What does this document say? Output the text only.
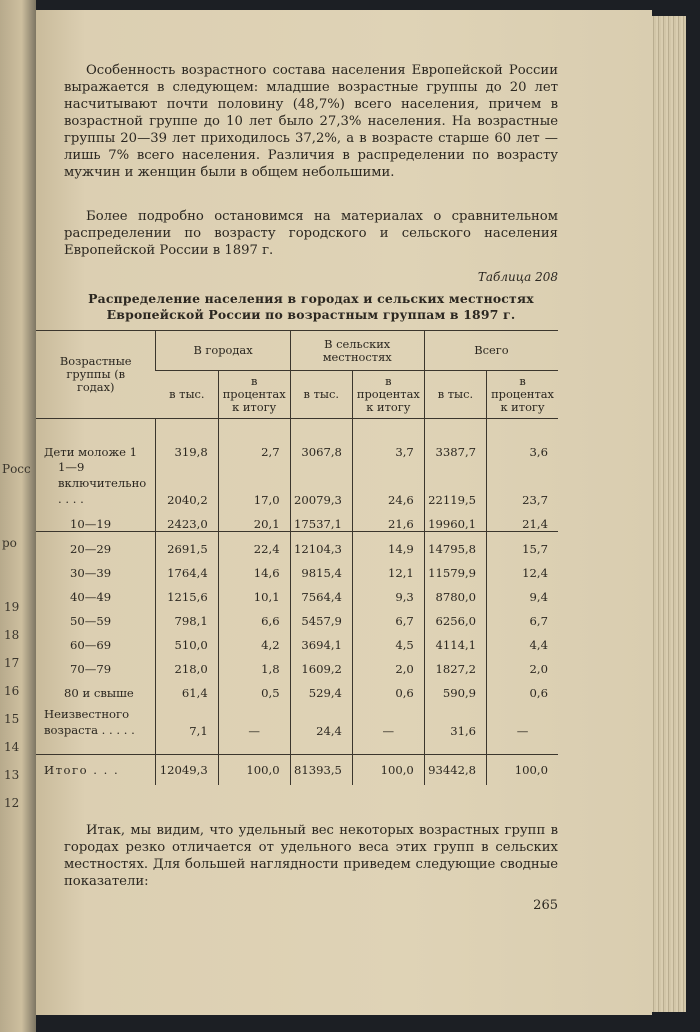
Росс
ро
19
18
17
16
15
14
13
12

Особенность возрастного состава населения Европейской России выражается в следующем: младшие возрастные группы до 20 лет насчитывают почти половину (48,7%) всего населения, причем в возрастной группе до 10 лет было 27,3% населения. На возрастные группы 20—39 лет приходилось 37,2%, а в возрасте старше 60 лет — лишь 7% всего населения. Различия в распределении по возрасту мужчин и женщин были в общем небольшими.

Более подробно остановимся на материалах о сравнительном распределении по возрасту городского и сельского населения Европейской России в 1897 г.

Таблица 208
Распределение населения в городах и сельских местностях
Европейской России по возрастным группам в 1897 г.
Возрастные группы (в годах)	В городах		В сельских местностях		Всего	
	в тыс.	в процентах к итогу	в тыс.	в процентах к итогу	в тыс.	в процентах к итогу

Дети моложе 1	319,8	2,7	3067,8	3,7	3387,7	3,6
1—9 включительно . . . .	2040,2	17,0	20079,3	24,6	22119,5	23,7
10—19	2423,0	20,1	17537,1	21,6	19960,1	21,4
20—29	2691,5	22,4	12104,3	14,9	14795,8	15,7
30—39	1764,4	14,6	9815,4	12,1	11579,9	12,4
40—49	1215,6	10,1	7564,4	9,3	8780,0	9,4
50—59	798,1	6,6	5457,9	6,7	6256,0	6,7
60—69	510,0	4,2	3694,1	4,5	4114,1	4,4
70—79	218,0	1,8	1609,2	2,0	1827,2	2,0
80 и свыше	61,4	0,5	529,4	0,6	590,9	0,6
Неизвестного возраста . . . . .	7,1	—	24,4	—	31,6	—

Итого . . .	12049,3	100,0	81393,5	100,0	93442,8	100,0

Итак, мы видим, что удельный вес некоторых возрастных групп в городах резко отличается от удельного веса этих групп в сельских местностях. Для большей наглядности приведем следующие сводные показатели:

265
